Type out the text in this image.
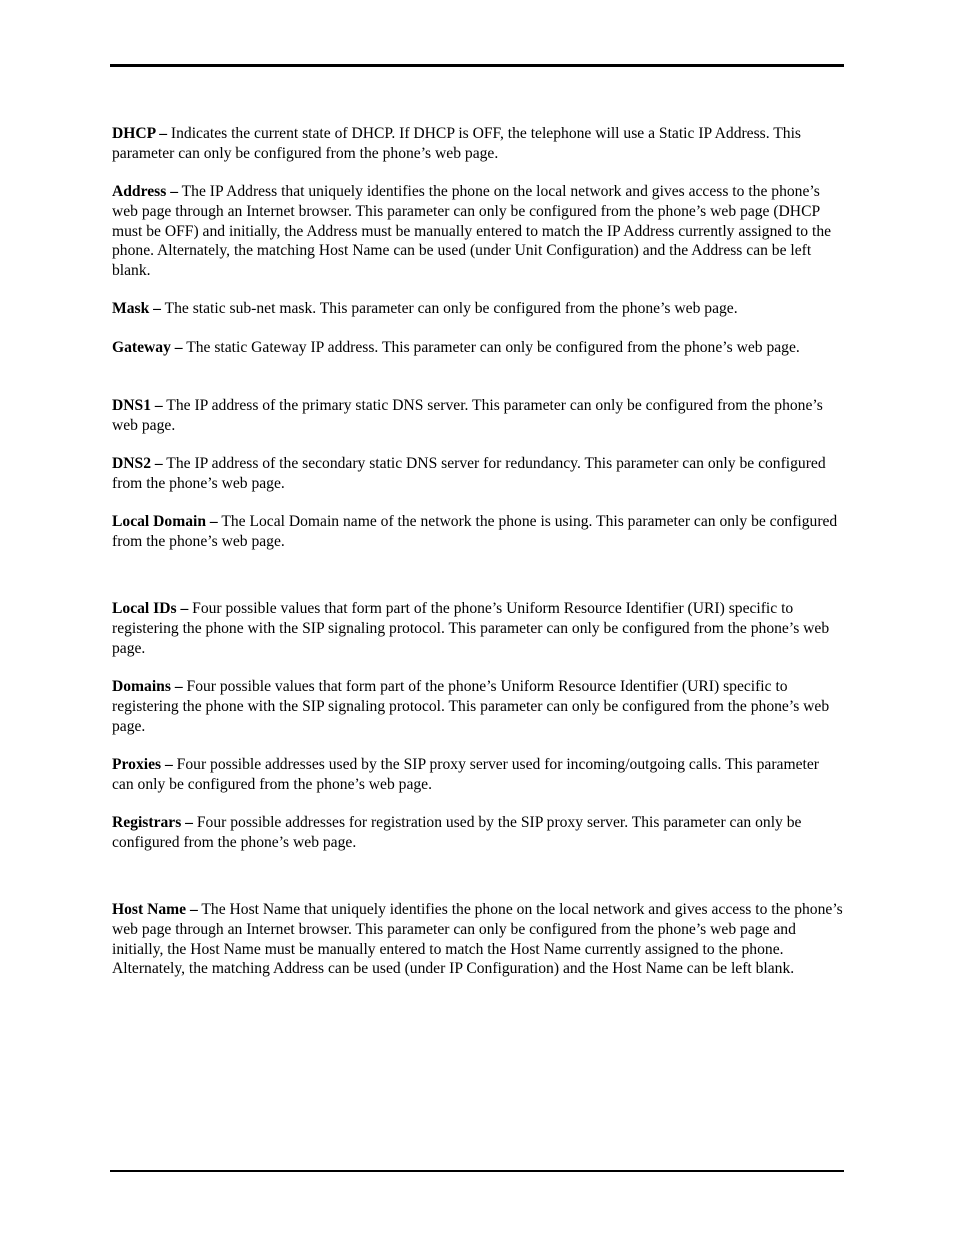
DHCP – Indicates the current state of DHCP. If DHCP is OFF, the telephone will use a Static IP Address. This parameter can only be configured from the phone’s web page.

Address – The IP Address that uniquely identifies the phone on the local network and gives access to the phone’s web page through an Internet browser. This parameter can only be configured from the phone’s web page (DHCP must be OFF) and initially, the Address must be manually entered to match the IP Address currently assigned to the phone. Alternately, the matching Host Name can be used (under Unit Configuration) and the Address can be left blank.

Mask – The static sub-net mask. This parameter can only be configured from the phone’s web page.

Gateway – The static Gateway IP address. This parameter can only be configured from the phone’s web page.

DNS1 – The IP address of the primary static DNS server. This parameter can only be configured from the phone’s web page.

DNS2 – The IP address of the secondary static DNS server for redundancy. This parameter can only be configured from the phone’s web page.

Local Domain – The Local Domain name of the network the phone is using. This parameter can only be configured from the phone’s web page.

Local IDs – Four possible values that form part of the phone’s Uniform Resource Identifier (URI) specific to registering the phone with the SIP signaling protocol. This parameter can only be configured from the phone’s web page.

Domains – Four possible values that form part of the phone’s Uniform Resource Identifier (URI) specific to registering the phone with the SIP signaling protocol. This parameter can only be configured from the phone’s web page.

Proxies – Four possible addresses used by the SIP proxy server used for incoming/outgoing calls. This parameter can only be configured from the phone’s web page.

Registrars – Four possible addresses for registration used by the SIP proxy server. This parameter can only be configured from the phone’s web page.

Host Name – The Host Name that uniquely identifies the phone on the local network and gives access to the phone’s web page through an Internet browser. This parameter can only be configured from the phone’s web page and initially, the Host Name must be manually entered to match the Host Name currently assigned to the phone. Alternately, the matching Address can be used (under IP Configuration) and the Host Name can be left blank.
